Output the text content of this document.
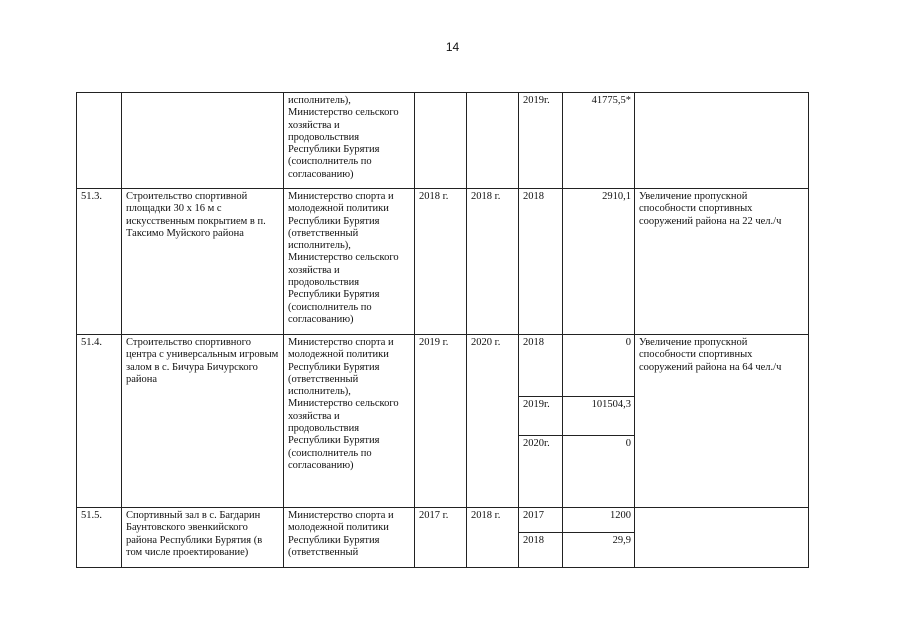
14
		исполнитель), Министерство сельского хозяйства и продовольствия Республики Бурятия (соисполнитель по согласованию)			2019г.	41775,5*	
51.3.	Строительство спортивной площадки 30 х 16 м с искусственным покрытием в п. Таксимо Муйского района	Министерство спорта и молодежной политики Республики Бурятия (ответственный исполнитель), Министерство сельского хозяйства и продовольствия Республики Бурятия (соисполнитель по согласованию)	2018 г.	2018 г.	2018	2910,1	Увеличение пропускной способности спортивных сооружений района на 22 чел./ч
51.4.	Строительство спортивного центра с универсальным игровым залом в с. Бичура Бичурского района	Министерство спорта и молодежной политики Республики Бурятия (ответственный исполнитель), Министерство сельского хозяйства и продовольствия Республики Бурятия (соисполнитель по согласованию)	2019 г.	2020 г.	2018	0	Увеличение пропускной способности спортивных сооружений района на 64 чел./ч
					2019г.	101504,3	
					2020г.	0	
51.5.	Спортивный зал в с. Багдарин Баунтовского эвенкийского района Республики Бурятия (в том числе проектирование)	Министерство спорта и молодежной политики Республики Бурятия (ответственный	2017 г.	2018 г.	2017	1200	
					2018	29,9	
